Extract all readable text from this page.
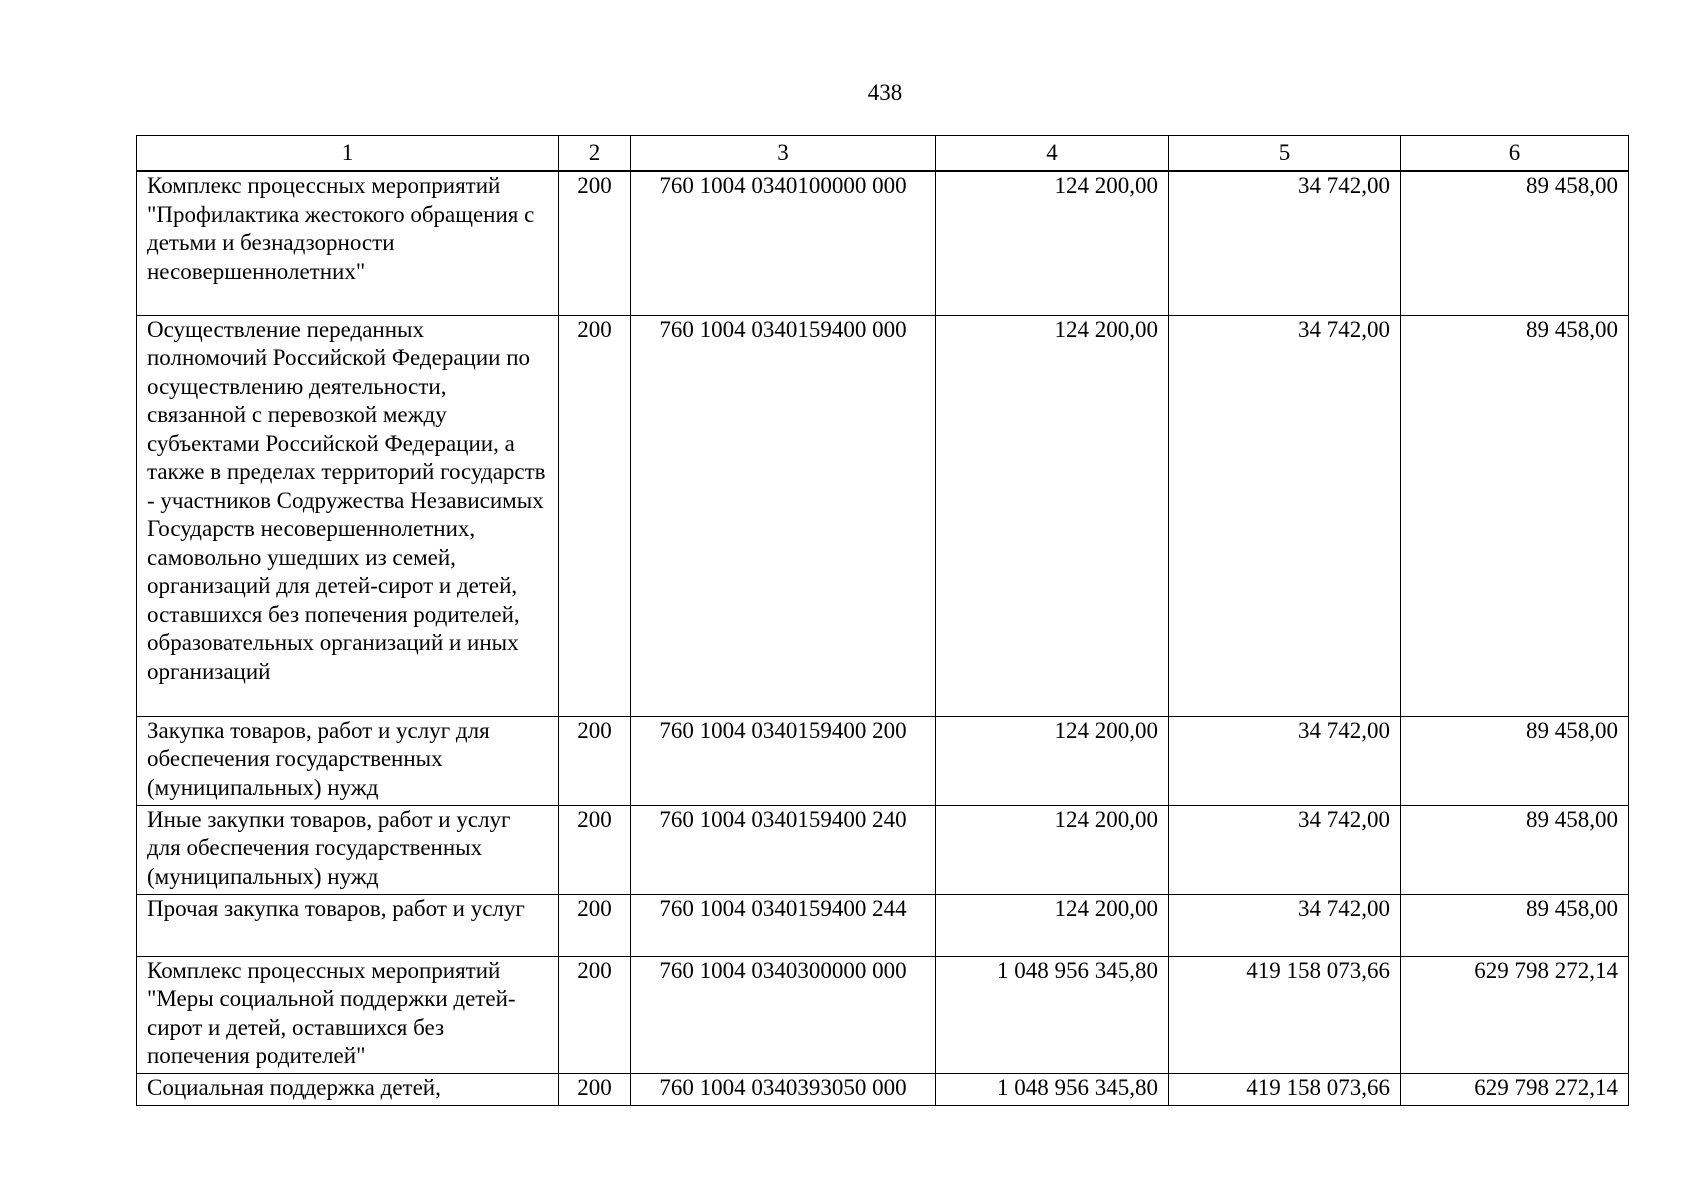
438
1	2	3	4	5	6
Комплекс процессных мероприятий "Профилактика жестокого обращения с детьми и безнадзорности несовершеннолетних"	200	760 1004 0340100000 000	124 200,00	34 742,00	89 458,00
Осуществление переданных полномочий Российской Федерации по осуществлению деятельности, связанной с перевозкой между субъектами Российской Федерации, а также в пределах территорий государств - участников Содружества Независимых Государств несовершеннолетних, самовольно ушедших из семей, организаций для детей-сирот и детей, оставшихся без попечения родителей, образовательных организаций и иных организаций	200	760 1004 0340159400 000	124 200,00	34 742,00	89 458,00
Закупка товаров, работ и услуг для обеспечения государственных (муниципальных) нужд	200	760 1004 0340159400 200	124 200,00	34 742,00	89 458,00
Иные закупки товаров, работ и услуг для обеспечения государственных (муниципальных) нужд	200	760 1004 0340159400 240	124 200,00	34 742,00	89 458,00
Прочая закупка товаров, работ и услуг	200	760 1004 0340159400 244	124 200,00	34 742,00	89 458,00
Комплекс процессных мероприятий "Меры социальной поддержки детей-сирот и детей, оставшихся без попечения родителей"	200	760 1004 0340300000 000	1 048 956 345,80	419 158 073,66	629 798 272,14
Социальная поддержка детей,	200	760 1004 0340393050 000	1 048 956 345,80	419 158 073,66	629 798 272,14
